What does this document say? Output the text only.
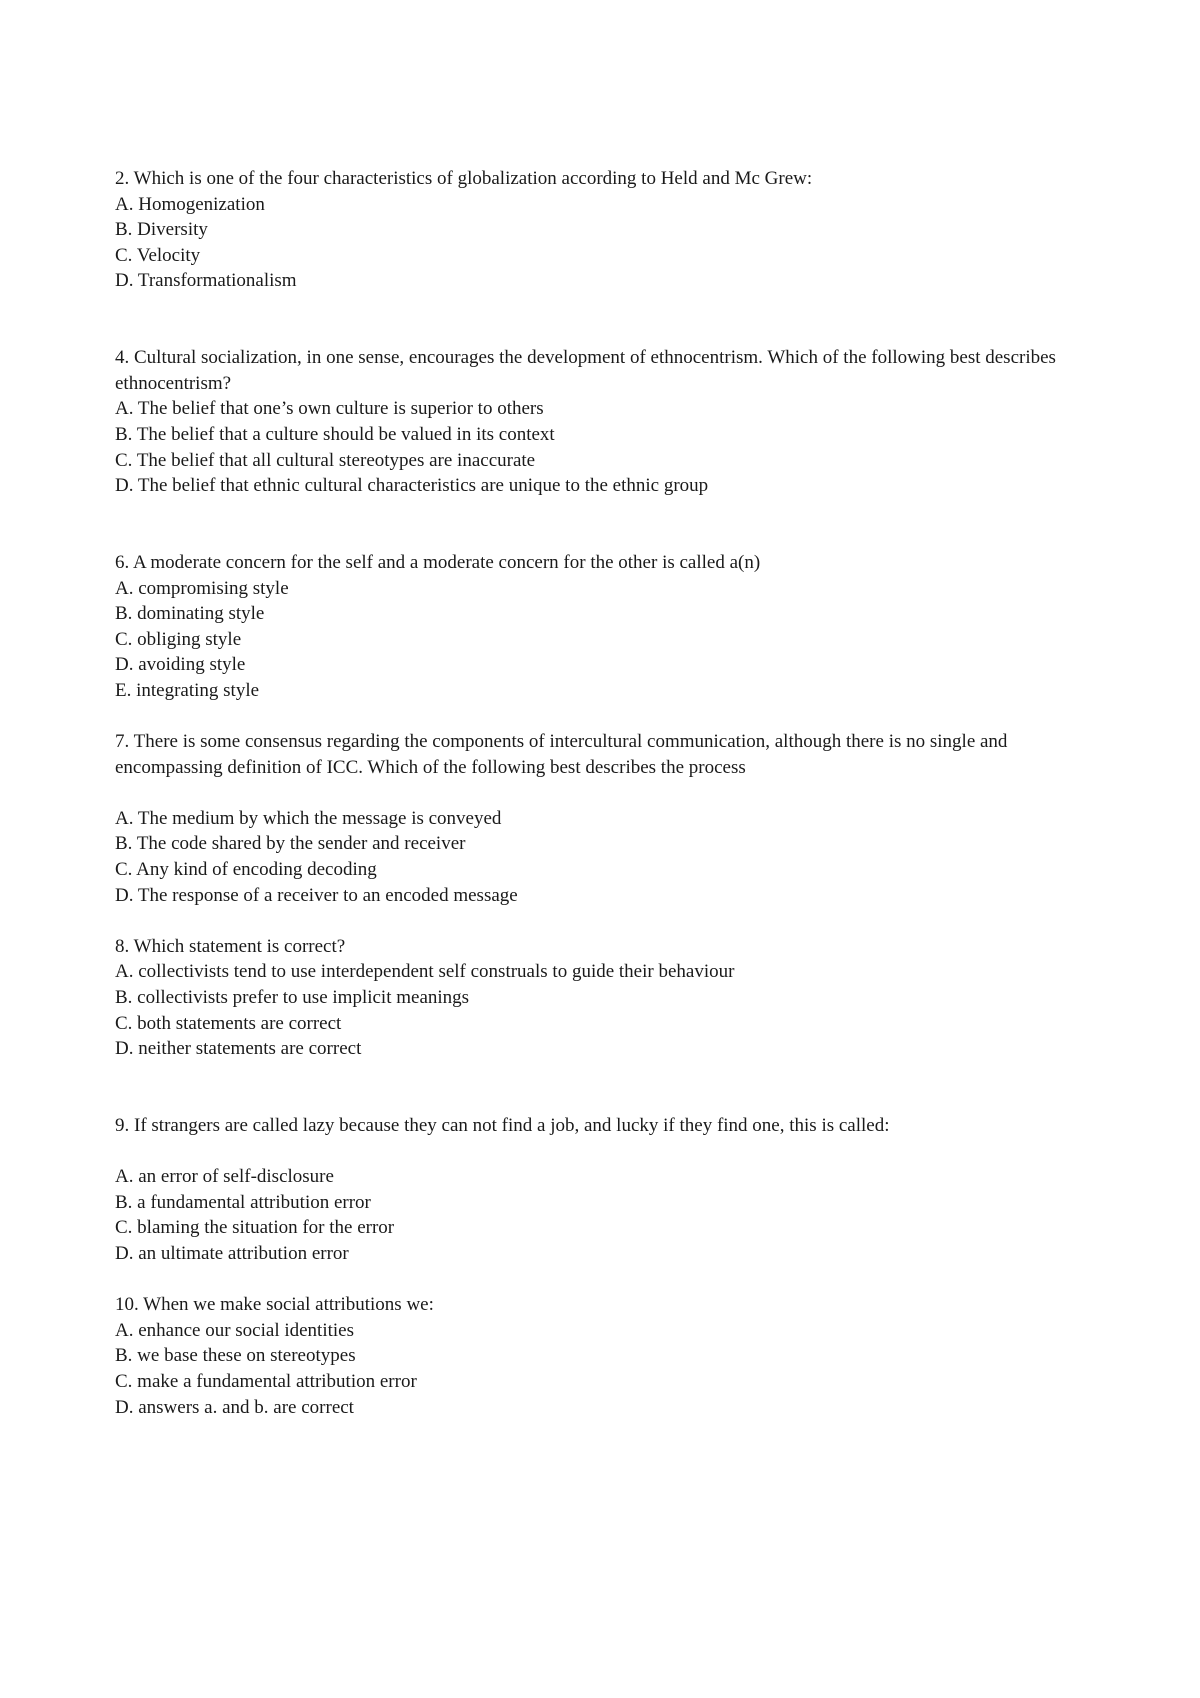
2. Which is one of the four characteristics of globalization according to Held and Mc Grew:
A. Homogenization
B. Diversity
C. Velocity
D. Transformationalism
4. Cultural socialization, in one sense, encourages the development of ethnocentrism. Which of the following best describes ethnocentrism?
A. The belief that one’s own culture is superior to others
B. The belief that a culture should be valued in its context
C. The belief that all cultural stereotypes are inaccurate
D. The belief that ethnic cultural characteristics are unique to the ethnic group
6. A moderate concern for the self and a moderate concern for the other is called a(n)
A. compromising style
B. dominating style
C. obliging style
D. avoiding style
E. integrating style
7. There is some consensus regarding the components of intercultural communication, although there is no single and encompassing definition of ICC. Which of the following best describes the process
A. The medium by which the message is conveyed
B. The code shared by the sender and receiver
C. Any kind of encoding decoding
D. The response of a receiver to an encoded message
8. Which statement is correct?
A. collectivists tend to use interdependent self construals to guide their behaviour
B. collectivists prefer to use implicit meanings
C. both statements are correct
D. neither statements are correct
9. If strangers are called lazy because they can not find a job, and lucky if they find one, this is called:
A. an error of self-disclosure
B. a fundamental attribution error
C. blaming the situation for the error
D. an ultimate attribution error
10. When we make social attributions we:
A. enhance our social identities
B. we base these on stereotypes
C. make a fundamental attribution error
D. answers a. and b. are correct
